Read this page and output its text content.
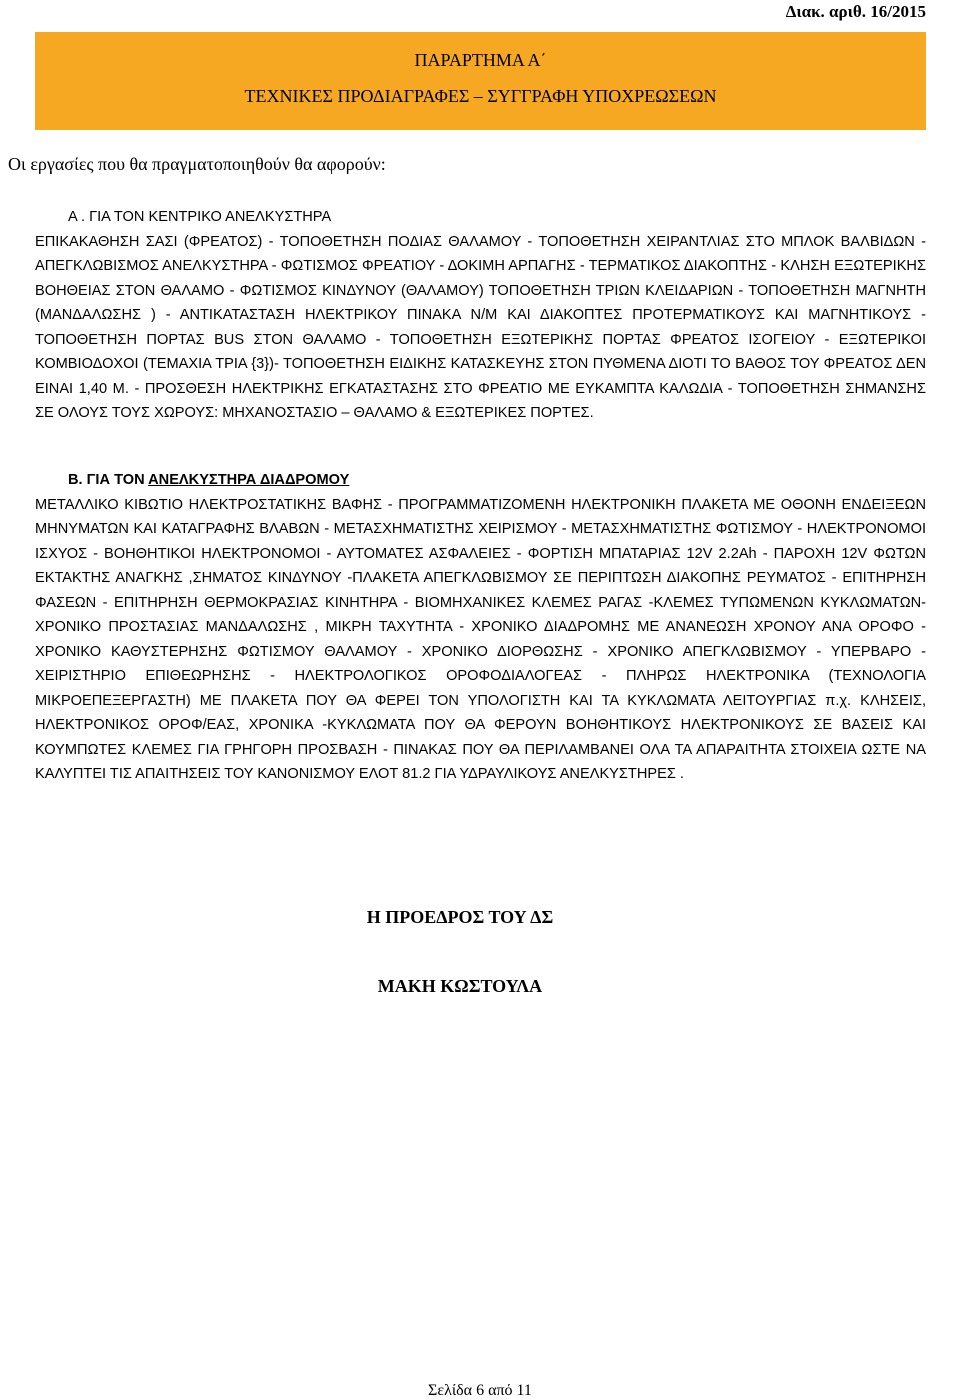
Διακ. αριθ. 16/2015
ΠΑΡΑΡΤΗΜΑ Α΄
ΤΕΧΝΙΚΕΣ ΠΡΟΔΙΑΓΡΑΦΕΣ – ΣΥΓΓΡΑΦΗ ΥΠΟΧΡΕΩΣΕΩΝ
Οι εργασίες που θα πραγματοποιηθούν θα αφορούν:
Α . ΓΙΑ ΤΟΝ ΚΕΝΤΡΙΚΟ ΑΝΕΛΚΥΣΤΗΡΑ
ΕΠΙΚΑΚΑΘΗΣΗ ΣΑΣΙ (ΦΡΕΑΤΟΣ) - ΤΟΠΟΘΕΤΗΣΗ ΠΟΔΙΑΣ ΘΑΛΑΜΟΥ - ΤΟΠΟΘΕΤΗΣΗ ΧΕΙΡΑΝΤΛΙΑΣ ΣΤΟ ΜΠΛΟΚ ΒΑΛΒΙΔΩΝ - ΑΠΕΓΚΛΩΒΙΣΜΟΣ ΑΝΕΛΚΥΣΤΗΡΑ - ΦΩΤΙΣΜΟΣ ΦΡΕΑΤΙΟΥ - ΔΟΚΙΜΗ ΑΡΠΑΓΗΣ - ΤΕΡΜΑΤΙΚΟΣ ΔΙΑΚΟΠΤΗΣ - ΚΛΗΣΗ ΕΞΩΤΕΡΙΚΗΣ ΒΟΗΘΕΙΑΣ ΣΤΟΝ ΘΑΛΑΜΟ - ΦΩΤΙΣΜΟΣ ΚΙΝΔΥΝΟΥ (ΘΑΛΑΜΟΥ) ΤΟΠΟΘΕΤΗΣΗ ΤΡΙΩΝ ΚΛΕΙΔΑΡΙΩΝ - ΤΟΠΟΘΕΤΗΣΗ ΜΑΓΝΗΤΗ (ΜΑΝΔΑΛΩΣΗΣ ) - ΑΝΤΙΚΑΤΑΣΤΑΣΗ ΗΛΕΚΤΡΙΚΟΥ ΠΙΝΑΚΑ Ν/Μ ΚΑΙ ΔΙΑΚΟΠΤΕΣ ΠΡΟΤΕΡΜΑΤΙΚΟΥΣ ΚΑΙ ΜΑΓΝΗΤΙΚΟΥΣ - ΤΟΠΟΘΕΤΗΣΗ ΠΟΡΤΑΣ BUS ΣΤΟΝ ΘΑΛΑΜΟ - ΤΟΠΟΘΕΤΗΣΗ ΕΞΩΤΕΡΙΚΗΣ ΠΟΡΤΑΣ ΦΡΕΑΤΟΣ ΙΣΟΓΕΙΟΥ - ΕΞΩΤΕΡΙΚΟΙ ΚΟΜΒΙΟΔΟΧΟΙ (ΤΕΜΑΧΙΑ ΤΡΙΑ {3})- ΤΟΠΟΘΕΤΗΣΗ ΕΙΔΙΚΗΣ ΚΑΤΑΣΚΕΥΗΣ ΣΤΟΝ ΠΥΘΜΕΝΑ ΔΙΟΤΙ ΤΟ ΒΑΘΟΣ ΤΟΥ ΦΡΕΑΤΟΣ ΔΕΝ ΕΙΝΑΙ 1,40 Μ. - ΠΡΟΣΘΕΣΗ ΗΛΕΚΤΡΙΚΗΣ ΕΓΚΑΤΑΣΤΑΣΗΣ ΣΤΟ ΦΡΕΑΤΙΟ ΜΕ ΕΥΚΑΜΠΤΑ ΚΑΛΩΔΙΑ - ΤΟΠΟΘΕΤΗΣΗ ΣΗΜΑΝΣΗΣ ΣΕ ΟΛΟΥΣ ΤΟΥΣ ΧΩΡΟΥΣ: ΜΗΧΑΝΟΣΤΑΣΙΟ – ΘΑΛΑΜΟ & ΕΞΩΤΕΡΙΚΕΣ ΠΟΡΤΕΣ.
Β. ΓΙΑ ΤΟΝ ΑΝΕΛΚΥΣΤΗΡΑ ΔΙΑΔΡΟΜΟΥ
ΜΕΤΑΛΛΙΚΟ ΚΙΒΩΤΙΟ ΗΛΕΚΤΡΟΣΤΑΤΙΚΗΣ ΒΑΦΗΣ - ΠΡΟΓΡΑΜΜΑΤΙΖΟΜΕΝΗ ΗΛΕΚΤΡΟΝΙΚΗ ΠΛΑΚΕΤΑ ΜΕ ΟΘΟΝΗ ΕΝΔΕΙΞΕΩΝ ΜΗΝΥΜΑΤΩΝ ΚΑΙ ΚΑΤΑΓΡΑΦΗΣ ΒΛΑΒΩΝ - ΜΕΤΑΣΧΗΜΑΤΙΣΤΗΣ ΧΕΙΡΙΣΜΟΥ - ΜΕΤΑΣΧΗΜΑΤΙΣΤΗΣ ΦΩΤΙΣΜΟΥ - ΗΛΕΚΤΡΟΝΟΜΟΙ ΙΣΧΥΟΣ - ΒΟΗΘΗΤΙΚΟΙ ΗΛΕΚΤΡΟΝΟΜΟΙ - ΑΥΤΟΜΑΤΕΣ ΑΣΦΑΛΕΙΕΣ - ΦΟΡΤΙΣΗ ΜΠΑΤΑΡΙΑΣ 12V 2.2Ah - ΠΑΡΟΧΗ 12V ΦΩΤΩΝ ΕΚΤΑΚΤΗΣ ΑΝΑΓΚΗΣ ,ΣΗΜΑΤΟΣ ΚΙΝΔΥΝΟΥ -ΠΛΑΚΕΤΑ ΑΠΕΓΚΛΩΒΙΣΜΟΥ ΣΕ ΠΕΡΙΠΤΩΣΗ ΔΙΑΚΟΠΗΣ ΡΕΥΜΑΤΟΣ - ΕΠΙΤΗΡΗΣΗ ΦΑΣΕΩΝ - ΕΠΙΤΗΡΗΣΗ ΘΕΡΜΟΚΡΑΣΙΑΣ ΚΙΝΗΤΗΡΑ - ΒΙΟΜΗΧΑΝΙΚΕΣ ΚΛΕΜΕΣ ΡΑΓΑΣ -ΚΛΕΜΕΣ ΤΥΠΩΜΕΝΩΝ ΚΥΚΛΩΜΑΤΩΝ- ΧΡΟΝΙΚΟ ΠΡΟΣΤΑΣΙΑΣ ΜΑΝΔΑΛΩΣΗΣ , ΜΙΚΡΗ ΤΑΧΥΤΗΤΑ - ΧΡΟΝΙΚΟ ΔΙΑΔΡΟΜΗΣ ΜΕ ΑΝΑΝΕΩΣΗ ΧΡΟΝΟΥ ΑΝΑ ΟΡΟΦΟ - ΧΡΟΝΙΚΟ ΚΑΘΥΣΤΕΡΗΣΗΣ ΦΩΤΙΣΜΟΥ ΘΑΛΑΜΟΥ - ΧΡΟΝΙΚΟ ΔΙΟΡΘΩΣΗΣ - ΧΡΟΝΙΚΟ ΑΠΕΓΚΛΩΒΙΣΜΟΥ - ΥΠΕΡΒΑΡΟ - ΧΕΙΡΙΣΤΗΡΙΟ ΕΠΙΘΕΩΡΗΣΗΣ - ΗΛΕΚΤΡΟΛΟΓΙΚΟΣ ΟΡΟΦΟΔΙΑΛΟΓΕΑΣ - ΠΛΗΡΩΣ ΗΛΕΚΤΡΟΝΙΚΑ (ΤΕΧΝΟΛΟΓΙΑ ΜΙΚΡΟΕΠΕΞΕΡΓΑΣΤΗ) ΜΕ ΠΛΑΚΕΤΑ ΠΟΥ ΘΑ ΦΕΡΕΙ ΤΟΝ ΥΠΟΛΟΓΙΣΤΗ ΚΑΙ ΤΑ ΚΥΚΛΩΜΑΤΑ ΛΕΙΤΟΥΡΓΙΑΣ π.χ. ΚΛΗΣΕΙΣ, ΗΛΕΚΤΡΟΝΙΚΟΣ ΟΡΟΦ/ΕΑΣ, ΧΡΟΝΙΚΑ -ΚΥΚΛΩΜΑΤΑ ΠΟΥ ΘΑ ΦΕΡΟΥΝ ΒΟΗΘΗΤΙΚΟΥΣ ΗΛΕΚΤΡΟΝΙΚΟΥΣ ΣΕ ΒΑΣΕΙΣ ΚΑΙ ΚΟΥΜΠΩΤΕΣ ΚΛΕΜΕΣ ΓΙΑ ΓΡΗΓΟΡΗ ΠΡΟΣΒΑΣΗ - ΠΙΝΑΚΑΣ ΠΟΥ ΘΑ ΠΕΡΙΛΑΜΒΑΝΕΙ ΟΛΑ ΤΑ ΑΠΑΡΑΙΤΗΤΑ ΣΤΟΙΧΕΙΑ ΩΣΤΕ ΝΑ ΚΑΛΥΠΤΕΙ ΤΙΣ ΑΠΑΙΤΗΣΕΙΣ ΤΟΥ ΚΑΝΟΝΙΣΜΟΥ ΕΛΟΤ 81.2 ΓΙΑ ΥΔΡΑΥΛΙΚΟΥΣ ΑΝΕΛΚΥΣΤΗΡΕΣ .
Η ΠΡΟΕΔΡΟΣ ΤΟΥ ΔΣ
ΜΑΚΗ ΚΩΣΤΟΥΛΑ
Σελίδα 6 από 11
